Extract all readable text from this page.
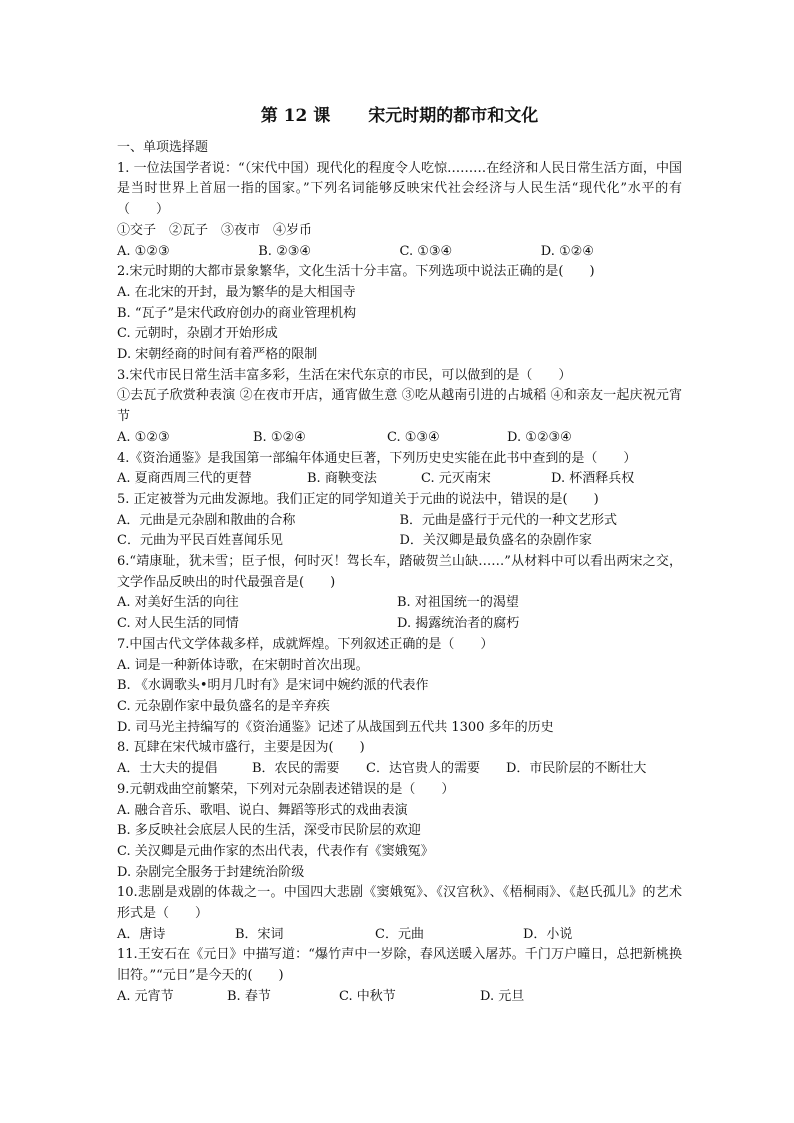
第 12 课 宋元时期的都市和文化

一、单项选择题

1. 一位法国学者说：“（宋代中国）现代化的程度令人吃惊………在经济和人民日常生活方面，中国是当时世界上首屈一指的国家。”下列名词能够反映宋代社会经济与人民生活“现代化”水平的有（　　）

①交子　②瓦子　③夜市　④岁币

A. ①②③	B. ②③④	C. ①③④	D. ①②④

2.宋元时期的大都市景象繁华，文化生活十分丰富。下列选项中说法正确的是(　　)

A. 在北宋的开封，最为繁华的是大相国寺

B. “瓦子”是宋代政府创办的商业管理机构

C. 元朝时，杂剧才开始形成

D. 宋朝经商的时间有着严格的限制

3.宋代市民日常生活丰富多彩，生活在宋代东京的市民，可以做到的是（　　）

①去瓦子欣赏种表演 ②在夜市开店，通宵做生意 ③吃从越南引进的占城稻 ④和亲友一起庆祝元宵节

A. ①②③	B. ①②④	C. ①③④	D. ①②③④

4.《资治通鉴》是我国第一部编年体通史巨著，下列历史史实能在此书中查到的是（　　）

A. 夏商西周三代的更替	B. 商鞅变法	C. 元灭南宋	D. 杯酒释兵权

5. 正定被誉为元曲发源地。我们正定的同学知道关于元曲的说法中，错误的是(　　)

A．元曲是元杂剧和散曲的合称	B．元曲是盛行于元代的一种文艺形式
C．元曲为平民百姓喜闻乐见	D．关汉卿是最负盛名的杂剧作家

6.“靖康耻，犹未雪；臣子恨，何时灭！驾长车，踏破贺兰山缺……”从材料中可以看出两宋之交，文学作品反映出的时代最强音是(　　)

A. 对美好生活的向往	B. 对祖国统一的渴望
C. 对人民生活的同情	D. 揭露统治者的腐朽

7.中国古代文学体裁多样，成就辉煌。下列叙述正确的是（　　）

A. 词是一种新体诗歌，在宋朝时首次出现。

B. 《水调歌头•明月几时有》是宋词中婉约派的代表作

C. 元杂剧作家中最负盛名的是辛弃疾

D. 司马光主持编写的《资治通鉴》记述了从战国到五代共 1300 多年的历史

8. 瓦肆在宋代城市盛行，主要是因为(　　)

A．士大夫的提倡	B．农民的需要	C．达官贵人的需要	D．市民阶层的不断壮大

9.元朝戏曲空前繁荣，下列对元杂剧表述错误的是（　　）

A. 融合音乐、歌唱、说白、舞蹈等形式的戏曲表演

B. 多反映社会底层人民的生活，深受市民阶层的欢迎

C. 关汉卿是元曲作家的杰出代表，代表作有《窦娥冤》

D. 杂剧完全服务于封建统治阶级

10.悲剧是戏剧的体裁之一。中国四大悲剧《窦娥冤》、《汉宫秋》、《梧桐雨》、《赵氏孤儿》的艺术形式是（　　）

A．唐诗	B．宋词	C．元曲	D．小说

11.王安石在《元日》中描写道：“爆竹声中一岁除，春风送暖入屠苏。千门万户曈日，总把新桃换旧符。”“元日”是今天的(　　)

A. 元宵节	B. 春节	C. 中秋节	D. 元旦
